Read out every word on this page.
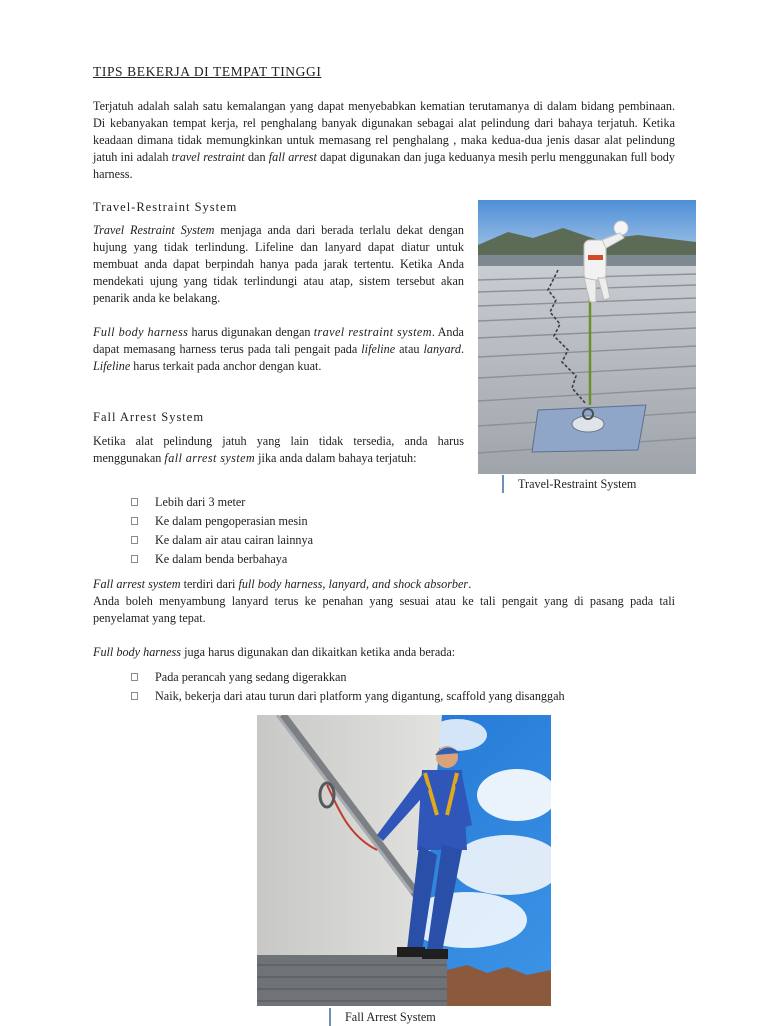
TIPS BEKERJA DI TEMPAT TINGGI

Terjatuh adalah salah satu kemalangan yang dapat menyebabkan kematian terutamanya di dalam bidang pembinaan. Di kebanyakan tempat kerja, rel penghalang banyak digunakan sebagai alat pelindung dari bahaya terjatuh. Ketika keadaan dimana tidak memungkinkan untuk memasang rel penghalang , maka kedua-dua jenis dasar alat pelindung jatuh ini adalah travel restraint dan fall arrest dapat digunakan dan juga keduanya mesih perlu menggunakan full body harness.

Travel-Restraint System

Travel Restraint System menjaga anda dari berada terlalu dekat dengan hujung yang tidak terlindung. Lifeline dan lanyard dapat diatur untuk membuat anda dapat berpindah hanya pada jarak tertentu. Ketika Anda mendekati ujung yang tidak terlindungi atau atap, sistem tersebut akan penarik anda ke belakang.

Full body harness harus digunakan dengan travel restraint system. Anda dapat memasang harness terus pada tali pengait pada lifeline atau lanyard. Lifeline harus terkait pada anchor dengan kuat.

Travel-Restraint System
Fall Arrest System

Ketika alat pelindung jatuh yang lain tidak tersedia, anda harus menggunakan fall arrest system jika anda dalam bahaya terjatuh:

Lebih dari 3 meter
Ke dalam pengoperasian mesin
Ke dalam air atau cairan lainnya
Ke dalam benda berbahaya

Fall arrest system terdiri dari full body harness, lanyard, and shock absorber.
Anda boleh menyambung lanyard terus ke penahan yang sesuai atau ke tali pengait yang di pasang pada tali penyelamat yang tepat.

Full body harness juga harus digunakan dan dikaitkan ketika anda berada:

Pada perancah yang sedang digerakkan
Naik, bekerja dari atau turun dari platform yang digantung, scaffold yang disanggah
Fall Arrest System
